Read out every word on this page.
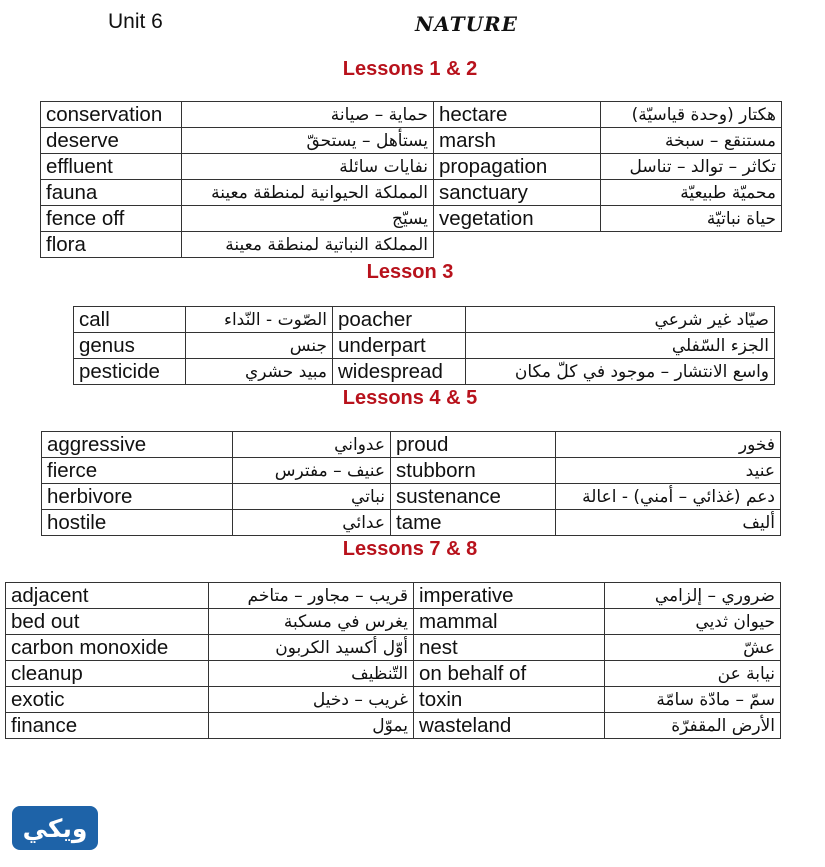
Unit 6	NATURE
Lessons 1 & 2
conservation	حماية – صيانة	hectare	هكتار (وحدة قياسيّة)
deserve	يستأهل – يستحقّ	marsh	مستنقع – سبخة
effluent	نفايات سائلة	propagation	تكاثر – توالد – تناسل
fauna	المملكة الحيوانية لمنطقة معينة	sanctuary	محميّة طبيعيّة
fence off	يسيّج	vegetation	حياة نباتيّة
flora	المملكة النباتية لمنطقة معينة		
Lesson 3
call	الصّوت - النّداء	poacher	صيّاد غير شرعي
genus	جنس	underpart	الجزء السّفلي
pesticide	مبيد حشري	widespread	واسع الانتشار – موجود في كلّ مكان
Lessons 4 & 5
aggressive	عدواني	proud	فخور
fierce	عنيف – مفترس	stubborn	عنيد
herbivore	نباتي	sustenance	دعم (غذائي – أمني) - اعالة
hostile	عدائي	tame	أليف
Lessons 7 & 8
adjacent	قريب – مجاور – متاخم	imperative	ضروري – إلزامي
bed out	يغرس في مسكبة	mammal	حيوان ثديي
carbon monoxide	أوّل أكسيد الكربون	nest	عشّ
cleanup	التّنظيف	on behalf of	نيابة عن
exotic	غريب – دخيل	toxin	سمّ – مادّة سامّة
finance	يموّل	wasteland	الأرض المقفرّة
ويكي
